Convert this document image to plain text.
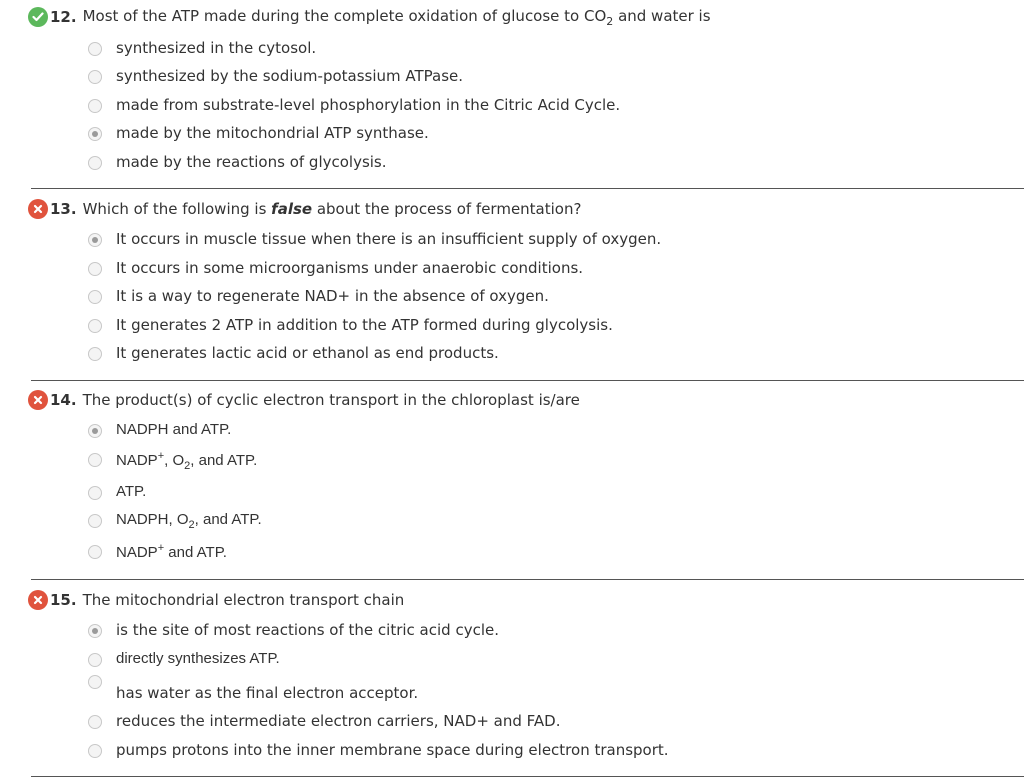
12. Most of the ATP made during the complete oxidation of glucose to $CO_2$ and water is
synthesized in the cytosol.
synthesized by the sodium-potassium ATPase.
made from substrate-level phosphorylation in the Citric Acid Cycle.
made by the mitochondrial ATP synthase.
made by the reactions of glycolysis.
13. Which of the following is false about the process of fermentation?
It occurs in muscle tissue when there is an insufficient supply of oxygen.
It occurs in some microorganisms under anaerobic conditions.
It is a way to regenerate NAD+ in the absence of oxygen.
It generates 2 ATP in addition to the ATP formed during glycolysis.
It generates lactic acid or ethanol as end products.
14. The product(s) of cyclic electron transport in the chloroplast is/are
NADPH and ATP.
NADP+, $O_2$, and ATP.
ATP.
NADPH, $O_2$, and ATP.
NADP+ and ATP.
15. The mitochondrial electron transport chain
is the site of most reactions of the citric acid cycle.
directly synthesizes ATP.
has water as the final electron acceptor.
reduces the intermediate electron carriers, NAD+ and FAD.
pumps protons into the inner membrane space during electron transport.
